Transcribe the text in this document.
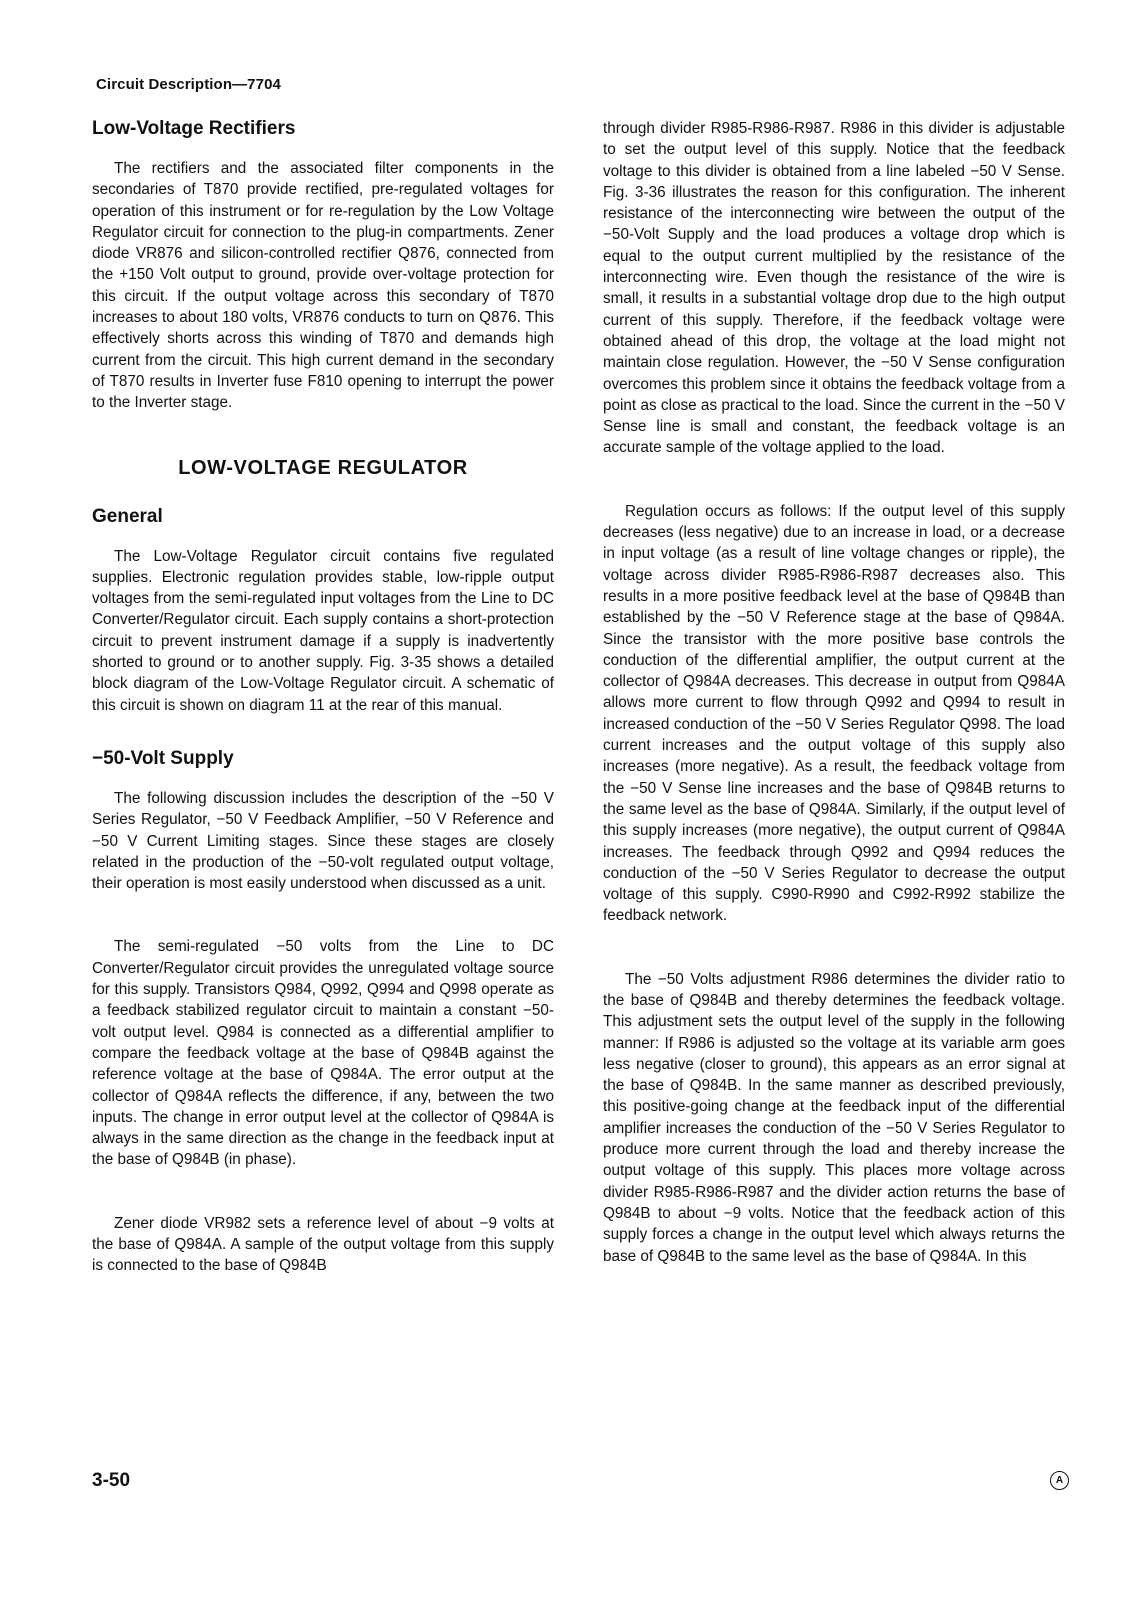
Circuit Description—7704
Low-Voltage Rectifiers

The rectifiers and the associated filter components in the secondaries of T870 provide rectified, pre-regulated voltages for operation of this instrument or for re-regulation by the Low Voltage Regulator circuit for connection to the plug-in compartments. Zener diode VR876 and silicon-controlled rectifier Q876, connected from the +150 Volt output to ground, provide over-voltage protection for this circuit. If the output voltage across this secondary of T870 increases to about 180 volts, VR876 conducts to turn on Q876. This effectively shorts across this winding of T870 and demands high current from the circuit. This high current demand in the secondary of T870 results in Inverter fuse F810 opening to interrupt the power to the Inverter stage.

LOW-VOLTAGE REGULATOR
General

The Low-Voltage Regulator circuit contains five regulated supplies. Electronic regulation provides stable, low-ripple output voltages from the semi-regulated input voltages from the Line to DC Converter/Regulator circuit. Each supply contains a short-protection circuit to prevent instrument damage if a supply is inadvertently shorted to ground or to another supply. Fig. 3-35 shows a detailed block diagram of the Low-Voltage Regulator circuit. A schematic of this circuit is shown on diagram 11 at the rear of this manual.

−50-Volt Supply

The following discussion includes the description of the −50 V Series Regulator, −50 V Feedback Amplifier, −50 V Reference and −50 V Current Limiting stages. Since these stages are closely related in the production of the −50-volt regulated output voltage, their operation is most easily understood when discussed as a unit.

The semi-regulated −50 volts from the Line to DC Converter/Regulator circuit provides the unregulated voltage source for this supply. Transistors Q984, Q992, Q994 and Q998 operate as a feedback stabilized regulator circuit to maintain a constant −50-volt output level. Q984 is connected as a differential amplifier to compare the feedback voltage at the base of Q984B against the reference voltage at the base of Q984A. The error output at the collector of Q984A reflects the difference, if any, between the two inputs. The change in error output level at the collector of Q984A is always in the same direction as the change in the feedback input at the base of Q984B (in phase).

Zener diode VR982 sets a reference level of about −9 volts at the base of Q984A. A sample of the output voltage from this supply is connected to the base of Q984B

through divider R985-R986-R987. R986 in this divider is adjustable to set the output level of this supply. Notice that the feedback voltage to this divider is obtained from a line labeled −50 V Sense. Fig. 3-36 illustrates the reason for this configuration. The inherent resistance of the interconnecting wire between the output of the −50-Volt Supply and the load produces a voltage drop which is equal to the output current multiplied by the resistance of the interconnecting wire. Even though the resistance of the wire is small, it results in a substantial voltage drop due to the high output current of this supply. Therefore, if the feedback voltage were obtained ahead of this drop, the voltage at the load might not maintain close regulation. However, the −50 V Sense configuration overcomes this problem since it obtains the feedback voltage from a point as close as practical to the load. Since the current in the −50 V Sense line is small and constant, the feedback voltage is an accurate sample of the voltage applied to the load.

Regulation occurs as follows: If the output level of this supply decreases (less negative) due to an increase in load, or a decrease in input voltage (as a result of line voltage changes or ripple), the voltage across divider R985-R986-R987 decreases also. This results in a more positive feedback level at the base of Q984B than established by the −50 V Reference stage at the base of Q984A. Since the transistor with the more positive base controls the conduction of the differential amplifier, the output current at the collector of Q984A decreases. This decrease in output from Q984A allows more current to flow through Q992 and Q994 to result in increased conduction of the −50 V Series Regulator Q998. The load current increases and the output voltage of this supply also increases (more negative). As a result, the feedback voltage from the −50 V Sense line increases and the base of Q984B returns to the same level as the base of Q984A. Similarly, if the output level of this supply increases (more negative), the output current of Q984A increases. The feedback through Q992 and Q994 reduces the conduction of the −50 V Series Regulator to decrease the output voltage of this supply. C990-R990 and C992-R992 stabilize the feedback network.

The −50 Volts adjustment R986 determines the divider ratio to the base of Q984B and thereby determines the feedback voltage. This adjustment sets the output level of the supply in the following manner: If R986 is adjusted so the voltage at its variable arm goes less negative (closer to ground), this appears as an error signal at the base of Q984B. In the same manner as described previously, this positive-going change at the feedback input of the differential amplifier increases the conduction of the −50 V Series Regulator to produce more current through the load and thereby increase the output voltage of this supply. This places more voltage across divider R985-R986-R987 and the divider action returns the base of Q984B to about −9 volts. Notice that the feedback action of this supply forces a change in the output level which always returns the base of Q984B to the same level as the base of Q984A. In this

3-50	A
